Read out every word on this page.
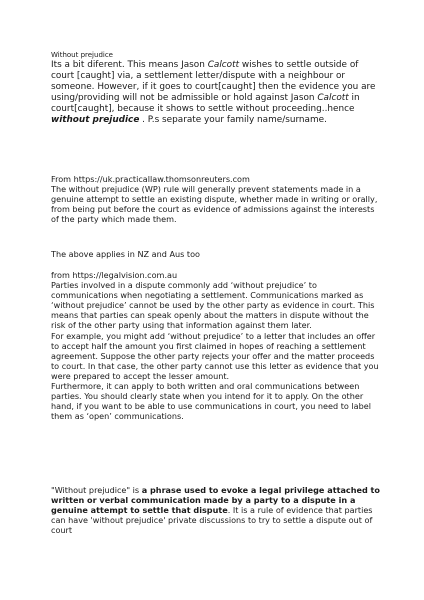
Without prejudice

Its a bit diferent. This means Jason Calcott wishes to settle outside of court [caught] via, a settlement letter/dispute with a neighbour or someone. However, if it goes to court[caught] then the evidence you are using/providing will not be admissible or hold against Jason Calcott in court[caught], because it shows to settle without proceeding..hence without prejudice . P.s separate your family name/surname.

From https://uk.practicallaw.thomsonreuters.com

The without prejudice (WP) rule will generally prevent statements made in a genuine attempt to settle an existing dispute, whether made in writing or orally, from being put before the court as evidence of admissions against the interests of the party which made them.

The above applies in NZ and Aus too

from https://legalvision.com.au

Parties involved in a dispute commonly add ‘without prejudice’ to communications when negotiating a settlement. Communications marked as ‘without prejudice’ cannot be used by the other party as evidence in court. This means that parties can speak openly about the matters in dispute without the risk of the other party using that information against them later.

For example, you might add ‘without prejudice’ to a letter that includes an offer to accept half the amount you first claimed in hopes of reaching a settlement agreement. Suppose the other party rejects your offer and the matter proceeds to court. In that case, the other party cannot use this letter as evidence that you were prepared to accept the lesser amount.

Furthermore, it can apply to both written and oral communications between parties. You should clearly state when you intend for it to apply. On the other hand, if you want to be able to use communications in court, you need to label them as ‘open’ communications.

"Without prejudice" is a phrase used to evoke a legal privilege attached to written or verbal communication made by a party to a dispute in a genuine attempt to settle that dispute. It is a rule of evidence that parties can have 'without prejudice' private discussions to try to settle a dispute out of court
